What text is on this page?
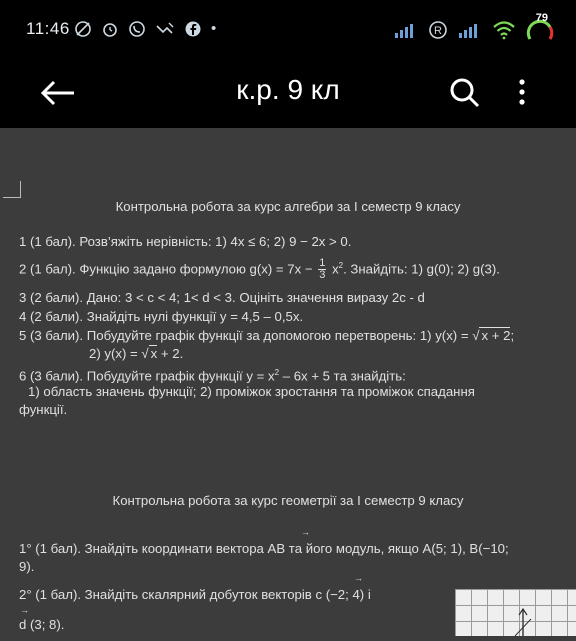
11:46	•	R
79
к.р. 9 кл
Контрольна робота за курс алгебри за І семестр 9 класу
1 (1 бал). Розв’яжіть нерівність: 1) 4x ≤ 6; 2) 9 − 2x > 0.
2 (1 бал). Функцію задано формулою $g(x) = 7x - \frac{1}{3} x^2$. Знайдіть: 1) g(0); 2) g(3).
3 (2 бали). Дано: 3 < c < 4; 1< d < 3. Оцініть значення виразу 2c - d
4 (2 бали). Знайдіть нулі функції y = 4,5 – 0,5x.
5 (3 бали). Побудуйте графік функції за допомогою перетворень: 1) y(x) = √ x + 2;
2) y(x) = √ x + 2.
6 (3 бали). Побудуйте графік функції $y = x^2 - 6x + 5$ та знайдіть:
1) область значень функції; 2) проміжок зростання та проміжок спадання
функції.
Контрольна робота за курс геометрії за І семестр 9 класу
→
1° (1 бал). Знайдіть координати вектора AB та його модуль, якщо A(5; 1), B(−10;
9).
→
2° (1 бал). Знайдіть скалярний добуток векторів c (−2; 4) і
→
d (3; 8).
